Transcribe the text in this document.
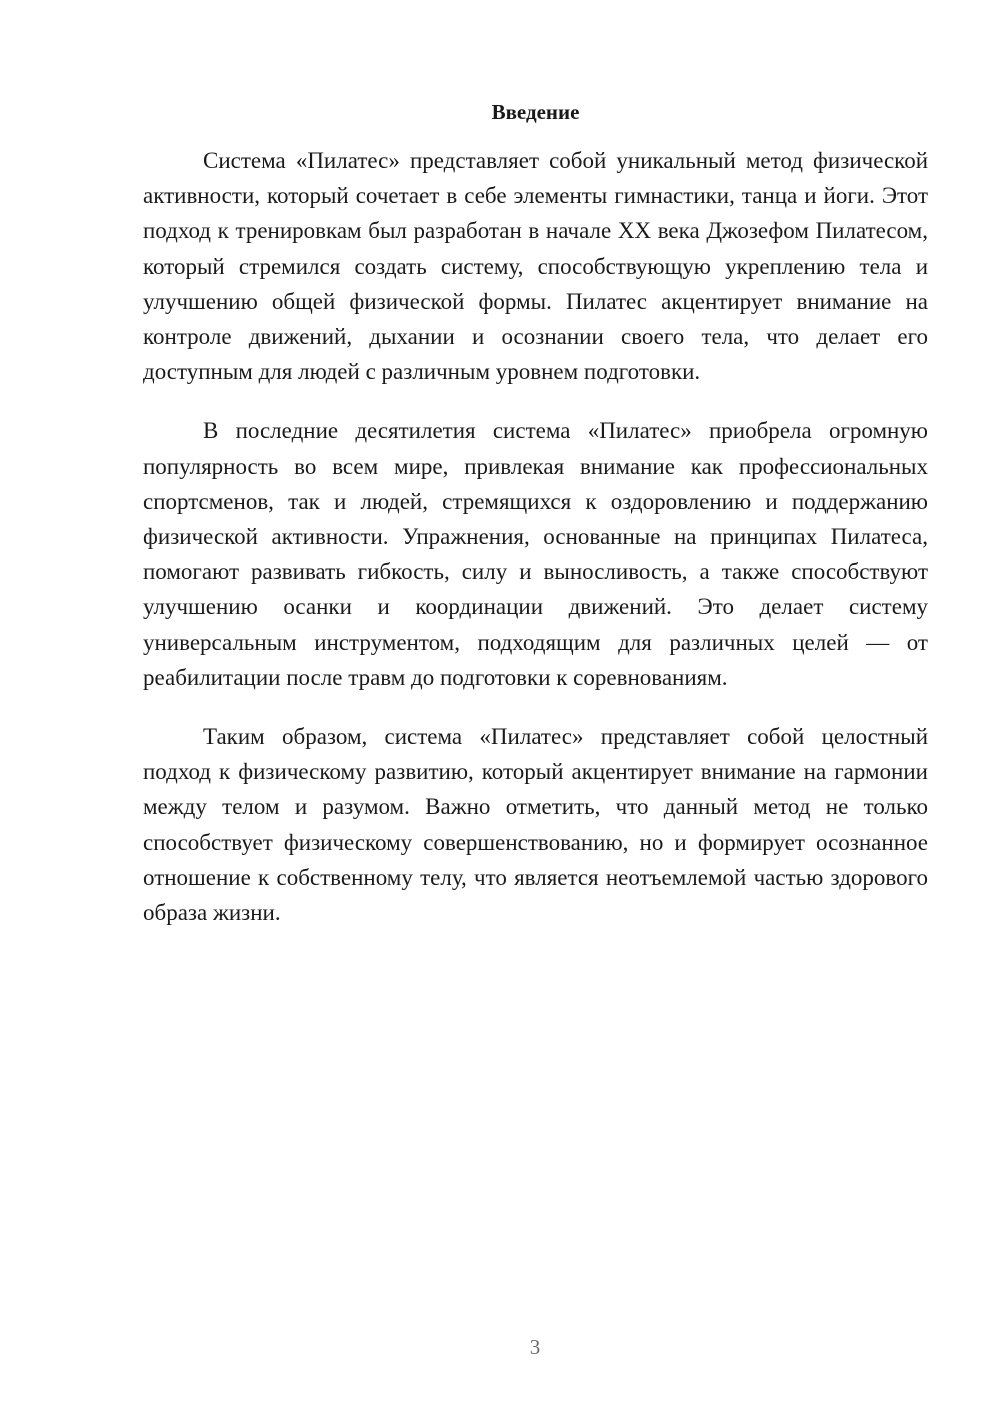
Введение

Система «Пилатес» представляет собой уникальный метод физической активности, который сочетает в себе элементы гимнастики, танца и йоги. Этот подход к тренировкам был разработан в начале XX века Джозефом Пилатесом, который стремился создать систему, способствующую укреплению тела и улучшению общей физической формы. Пилатес акцентирует внимание на контроле движений, дыхании и осознании своего тела, что делает его доступным для людей с различным уровнем подготовки.

В последние десятилетия система «Пилатес» приобрела огромную популярность во всем мире, привлекая внимание как профессиональных спортсменов, так и людей, стремящихся к оздоровлению и поддержанию физической активности. Упражнения, основанные на принципах Пилатеса, помогают развивать гибкость, силу и выносливость, а также способствуют улучшению осанки и координации движений. Это делает систему универсальным инструментом, подходящим для различных целей — от реабилитации после травм до подготовки к соревнованиям.

Таким образом, система «Пилатес» представляет собой целостный подход к физическому развитию, который акцентирует внимание на гармонии между телом и разумом. Важно отметить, что данный метод не только способствует физическому совершенствованию, но и формирует осознанное отношение к собственному телу, что является неотъемлемой частью здорового образа жизни.

3
